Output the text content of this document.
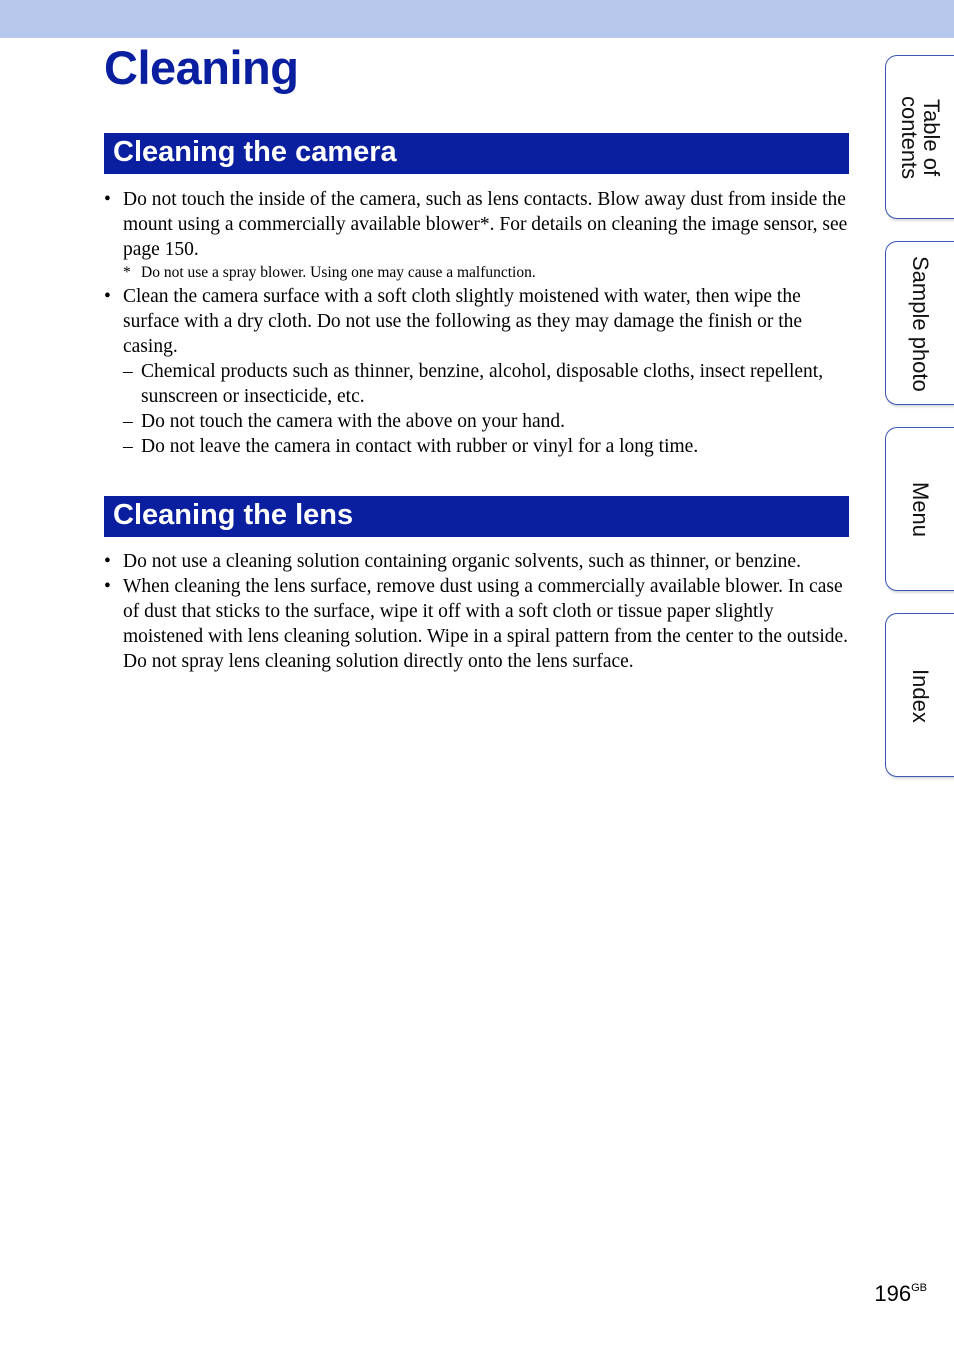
Cleaning
Cleaning the camera
• Do not touch the inside of the camera, such as lens contacts. Blow away dust from inside the mount using a commercially available blower*. For details on cleaning the image sensor, see page 150.
* Do not use a spray blower. Using one may cause a malfunction.
• Clean the camera surface with a soft cloth slightly moistened with water, then wipe the surface with a dry cloth. Do not use the following as they may damage the finish or the casing.
– Chemical products such as thinner, benzine, alcohol, disposable cloths, insect repellent, sunscreen or insecticide, etc.
– Do not touch the camera with the above on your hand.
– Do not leave the camera in contact with rubber or vinyl for a long time.
Cleaning the lens
• Do not use a cleaning solution containing organic solvents, such as thinner, or benzine.
• When cleaning the lens surface, remove dust using a commercially available blower. In case of dust that sticks to the surface, wipe it off with a soft cloth or tissue paper slightly moistened with lens cleaning solution. Wipe in a spiral pattern from the center to the outside. Do not spray lens cleaning solution directly onto the lens surface.
Table of contents
Sample photo
Menu
Index
$196^{GB}$
